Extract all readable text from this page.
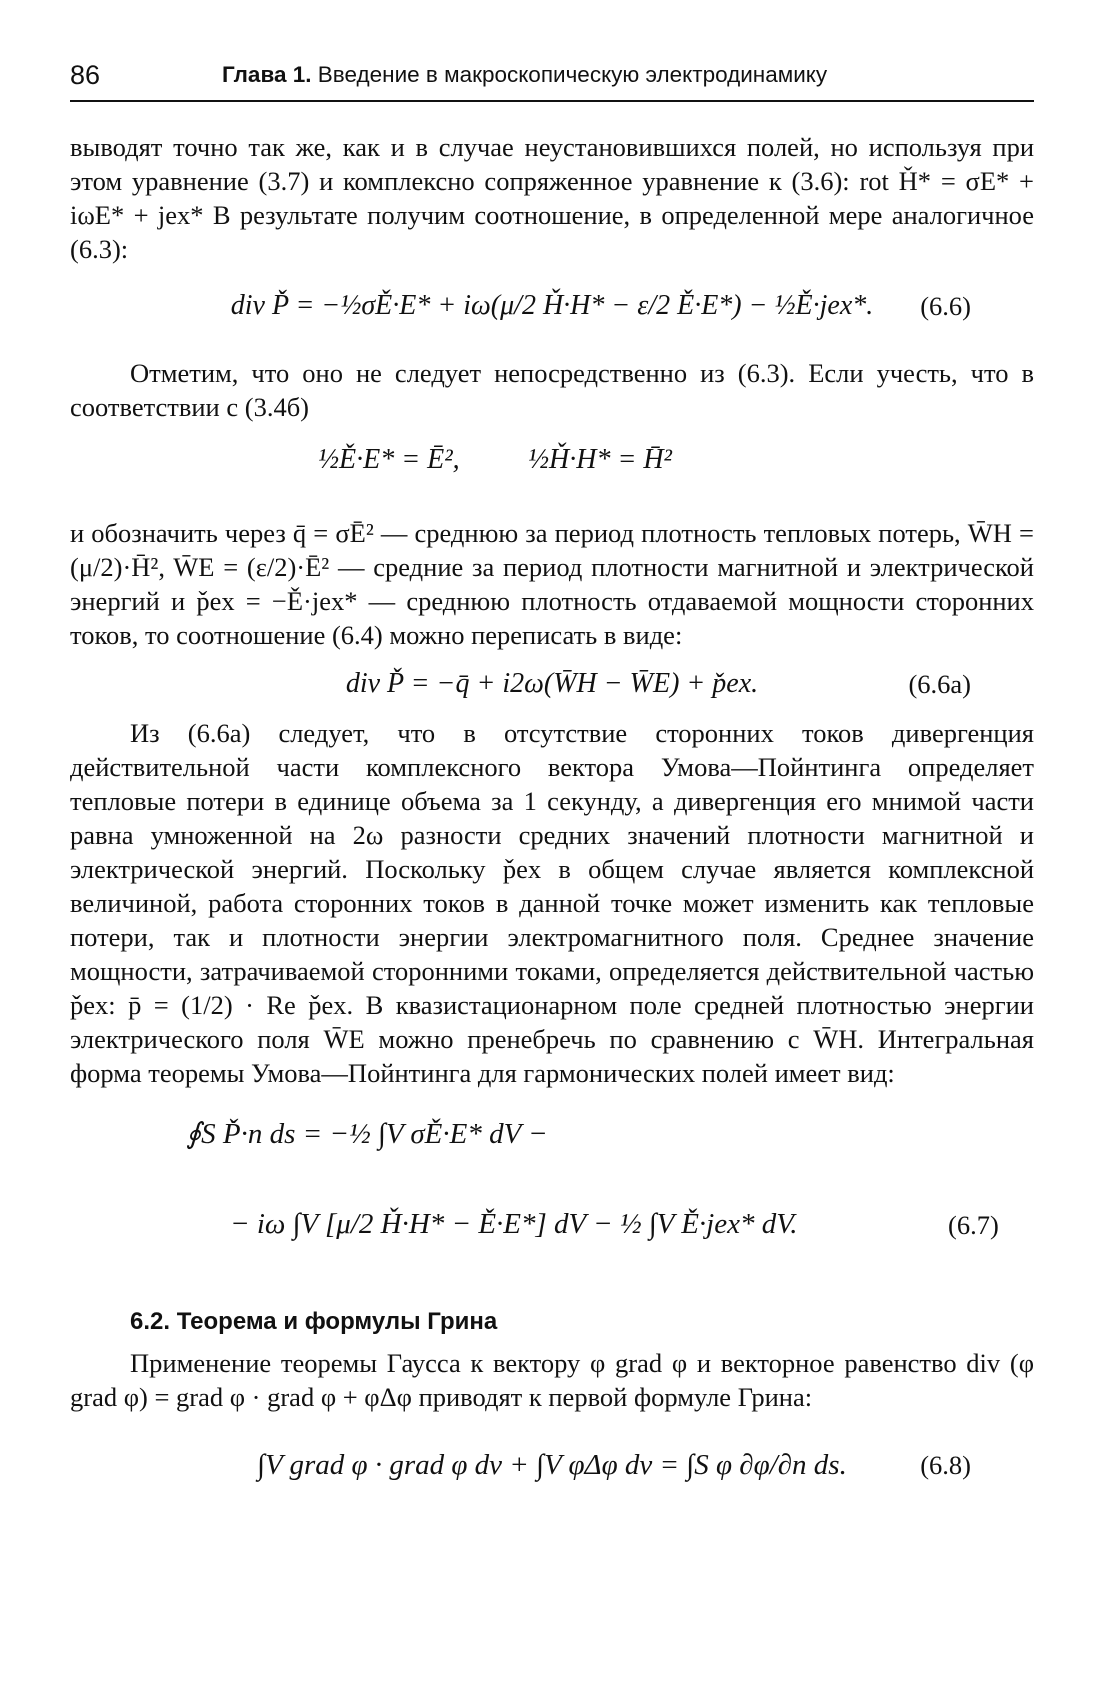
86	Глава 1. Введение в макроскопическую электродинамику

выводят точно так же, как и в случае неустановившихся полей, но используя при этом уравнение (3.7) и комплексно сопряженное уравнение к (3.6): rot Ȟ* = σE* + iωE* + jex* В результате получим соотношение, в определенной мере аналогичное (6.3):

div P̌ = −½σĚ·E* + iω(μ/2 Ȟ·H* − ε/2 Ě·E*) − ½Ě·jex*. (6.6)

Отметим, что оно не следует непосредственно из (6.3). Если учесть, что в соответствии с (3.4б)

½Ě·E* = Ē², ½Ȟ·H* = H̄²

и обозначить через q̄ = σĒ² — среднюю за период плотность тепловых потерь, W̄H = (μ/2)·H̄², W̄E = (ε/2)·Ē² — средние за период плотности магнитной и электрической энергий и p̌ex = −Ě·jex* — среднюю плотность отдаваемой мощности сторонних токов, то соотношение (6.4) можно переписать в виде:

div P̌ = −q̄ + i2ω(W̄H − W̄E) + p̌ex.	(6.6a)

Из (6.6а) следует, что в отсутствие сторонних токов дивергенция действительной части комплексного вектора Умова—Пойнтинга определяет тепловые потери в единице объема за 1 секунду, а дивергенция его мнимой части равна умноженной на 2ω разности средних значений плотности магнитной и электрической энергий. Поскольку p̌ex в общем случае является комплексной величиной, работа сторонних токов в данной точке может изменить как тепловые потери, так и плотности энергии электромагнитного поля. Среднее значение мощности, затрачиваемой сторонними токами, определяется действительной частью p̌ex: p̄ = (1/2) · Re p̌ex. В квазистационарном поле средней плотностью энергии электрического поля W̄E можно пренебречь по сравнению с W̄H. Интегральная форма теоремы Умова—Пойнтинга для гармонических полей имеет вид:

∮S P̌·n ds = −½ ∫V σĚ·E* dV −
− iω ∫V [μ/2 Ȟ·H* − Ě·E*] dV − ½ ∫V Ě·jex* dV.	(6.7)
6.2. Теорема и формулы Грина

Применение теоремы Гаусса к вектору φ grad φ и векторное равенство div (φ grad φ) = grad φ · grad φ + φΔφ приводят к первой формуле Грина:

∫V grad φ · grad φ dv + ∫V φΔφ dv = ∫S φ ∂φ/∂n ds.	(6.8)
